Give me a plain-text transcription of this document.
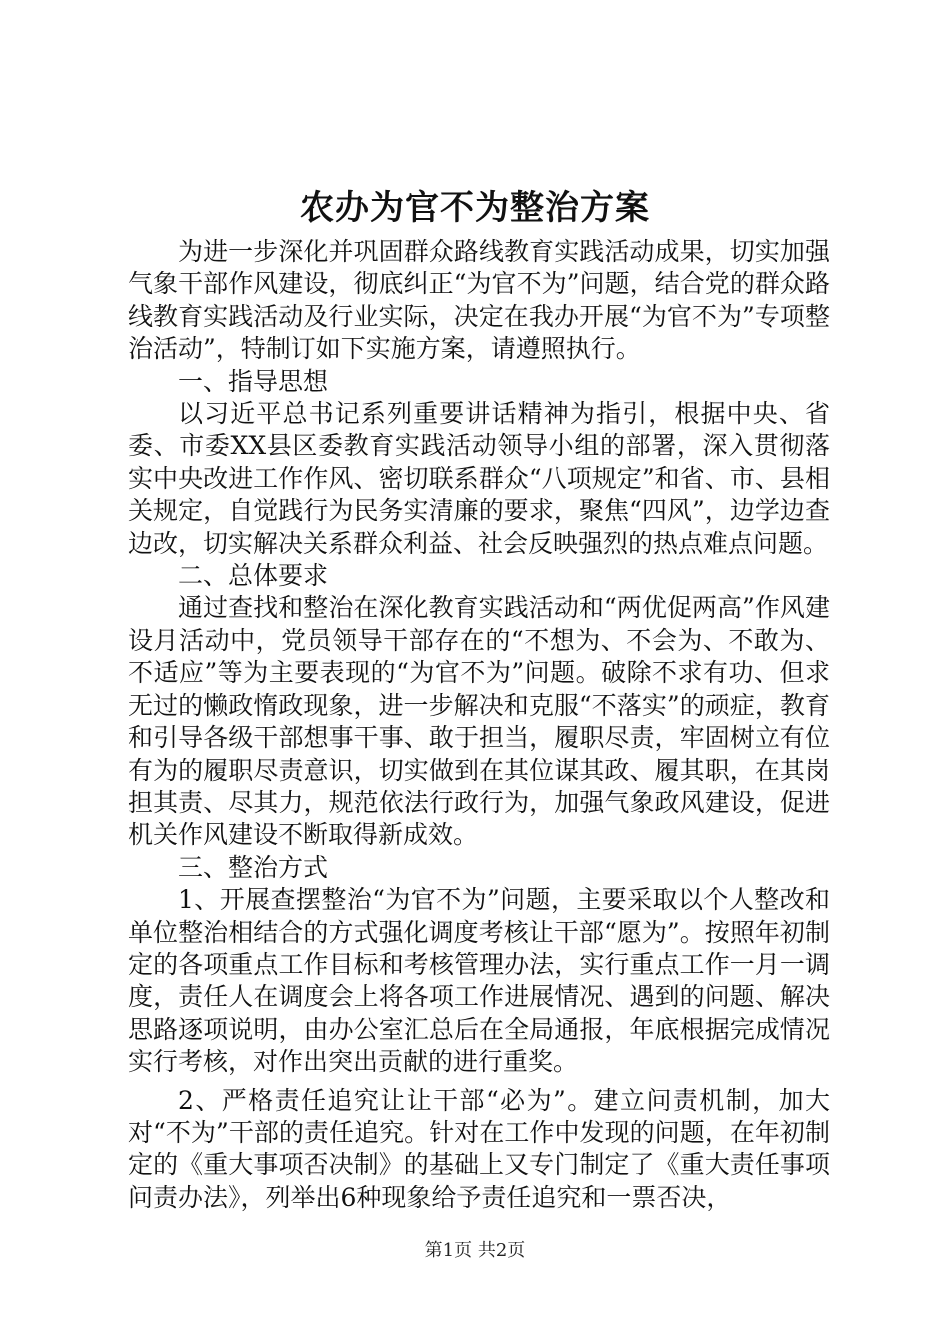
农办为官不为整治方案

为进一步深化并巩固群众路线教育实践活动成果，切实加强气象干部作风建设，彻底纠正“为官不为”问题，结合党的群众路线教育实践活动及行业实际，决定在我办开展“为官不为”专项整治活动”，特制订如下实施方案，请遵照执行。

一、指导思想

以习近平总书记系列重要讲话精神为指引，根据中央、省委、市委XX县区委教育实践活动领导小组的部署，深入贯彻落实中央改进工作作风、密切联系群众“八项规定”和省、市、县相关规定，自觉践行为民务实清廉的要求，聚焦“四风”，边学边查边改，切实解决关系群众利益、社会反映强烈的热点难点问题。

二、总体要求

通过查找和整治在深化教育实践活动和“两优促两高”作风建设月活动中，党员领导干部存在的“不想为、不会为、不敢为、不适应”等为主要表现的“为官不为”问题。破除不求有功、但求无过的懒政惰政现象，进一步解决和克服“不落实”的顽症，教育和引导各级干部想事干事、敢于担当，履职尽责，牢固树立有位有为的履职尽责意识，切实做到在其位谋其政、履其职，在其岗担其责、尽其力，规范依法行政行为，加强气象政风建设，促进机关作风建设不断取得新成效。

三、整治方式

1、开展查摆整治“为官不为”问题，主要采取以个人整改和单位整治相结合的方式强化调度考核让干部“愿为”。按照年初制定的各项重点工作目标和考核管理办法，实行重点工作一月一调度，责任人在调度会上将各项工作进展情况、遇到的问题、解决思路逐项说明，由办公室汇总后在全局通报，年底根据完成情况实行考核，对作出突出贡献的进行重奖。

2、严格责任追究让让干部“必为”。建立问责机制，加大对“不为”干部的责任追究。针对在工作中发现的问题，在年初制定的《重大事项否决制》的基础上又专门制定了《重大责任事项问责办法》，列举出6种现象给予责任追究和一票否决，

第1页 共2页
